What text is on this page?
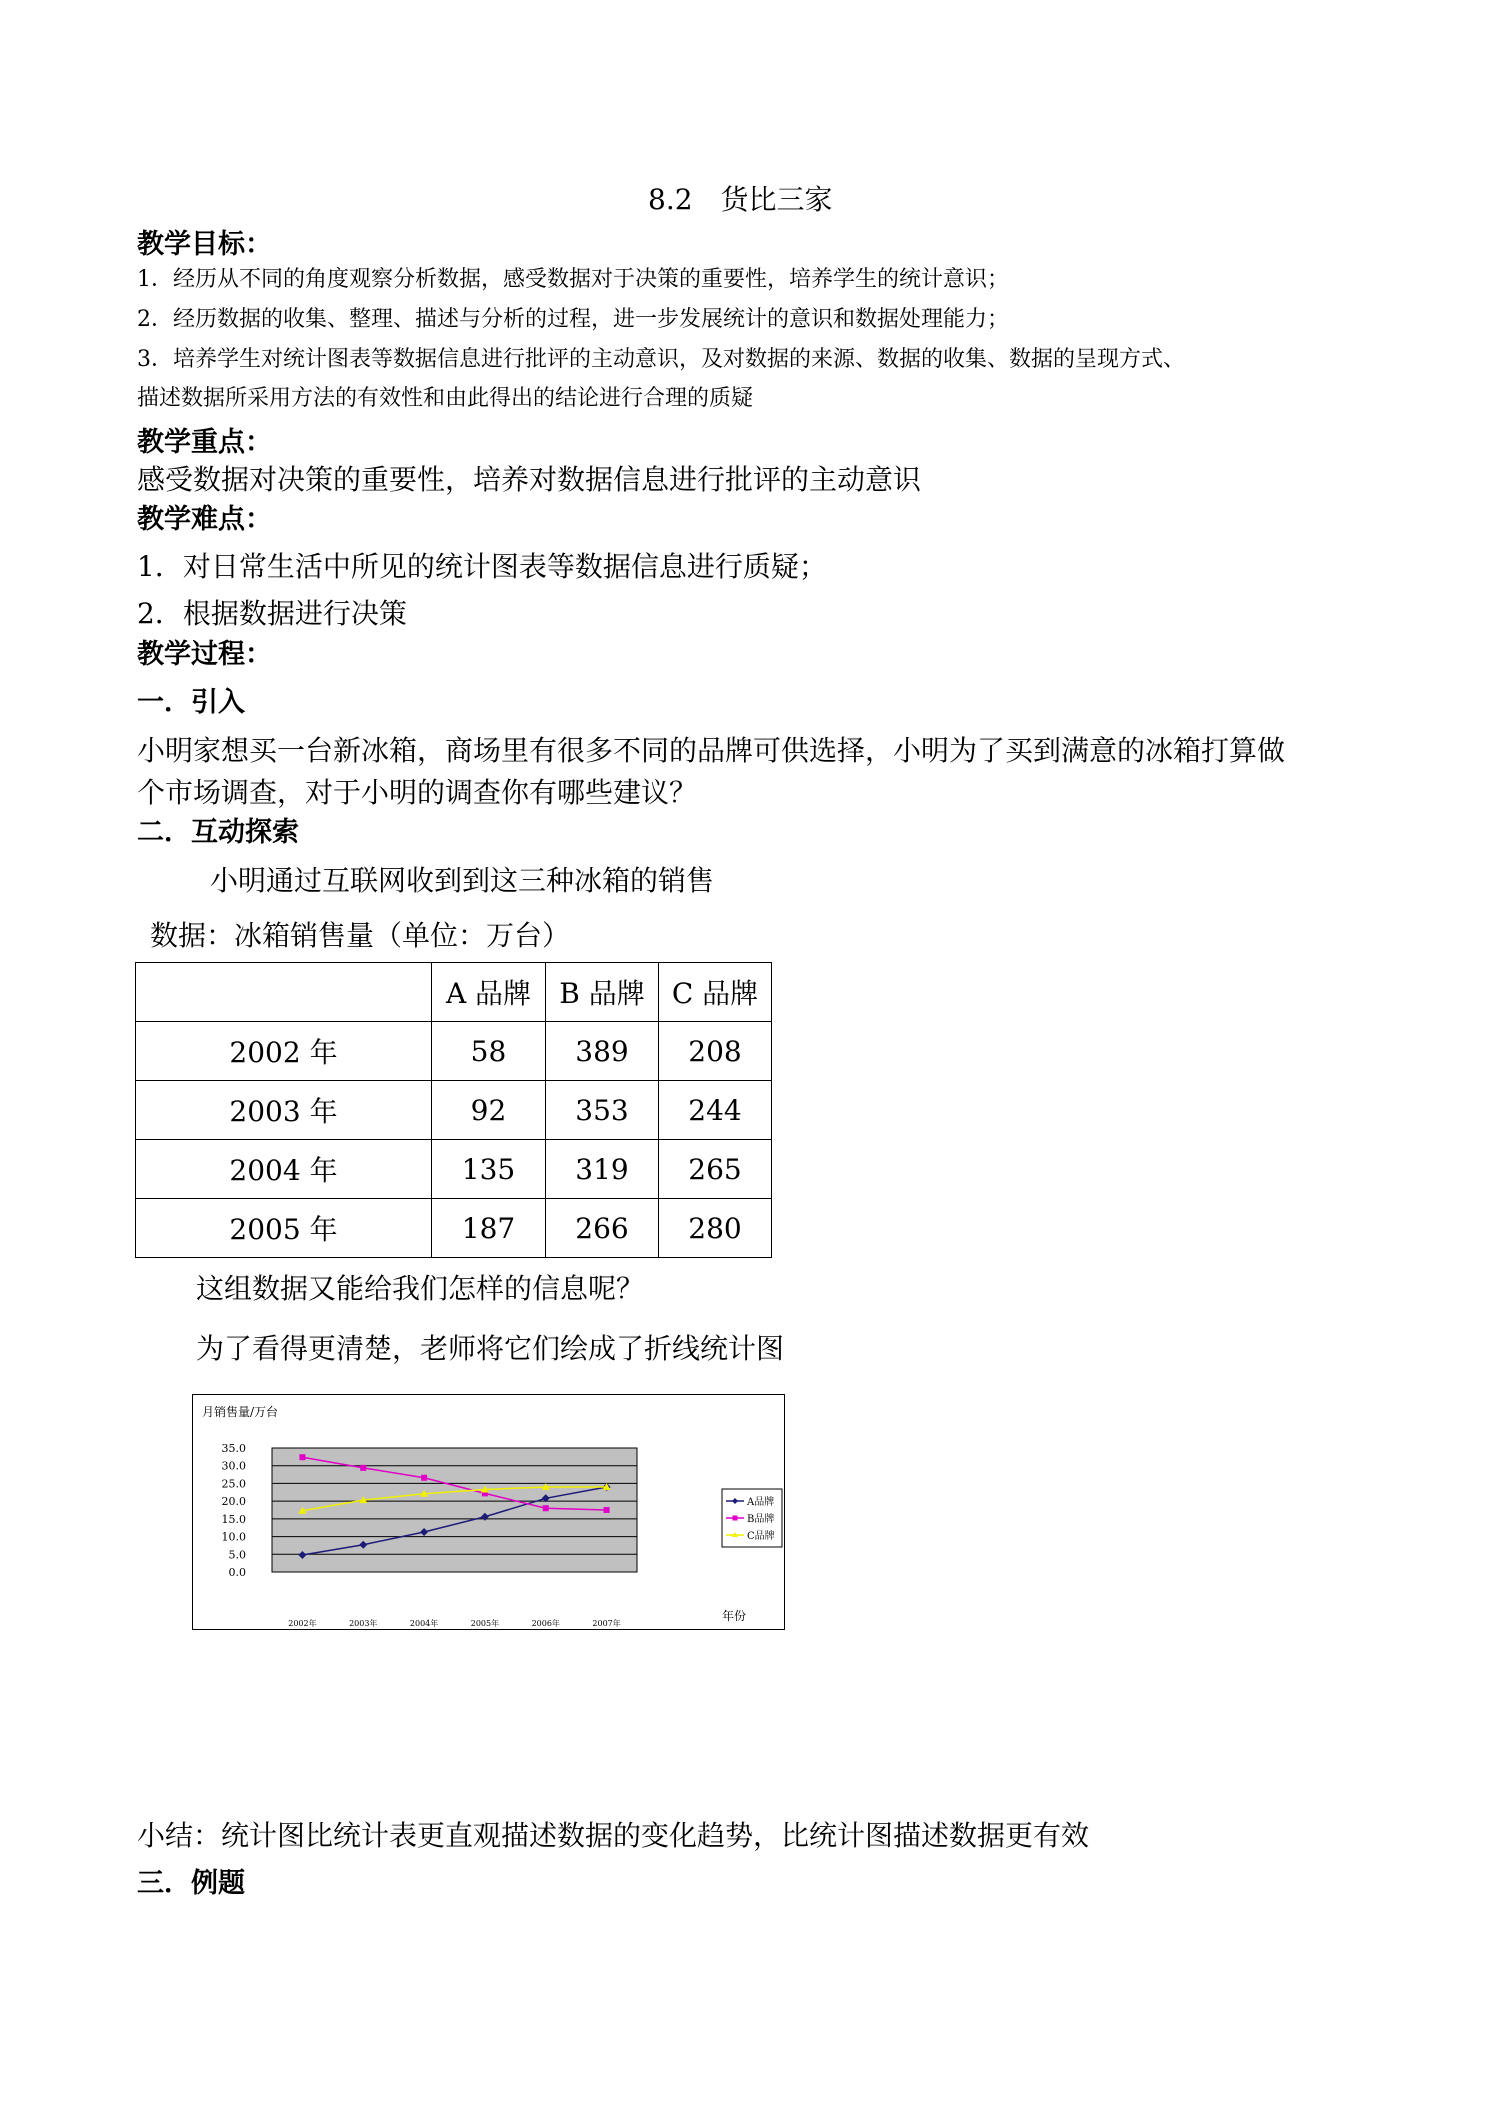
8.2　货比三家
教学目标：
1．经历从不同的角度观察分析数据，感受数据对于决策的重要性，培养学生的统计意识；
2．经历数据的收集、整理、描述与分析的过程，进一步发展统计的意识和数据处理能力；
3．培养学生对统计图表等数据信息进行批评的主动意识，及对数据的来源、数据的收集、数据的呈现方式、
描述数据所采用方法的有效性和由此得出的结论进行合理的质疑
教学重点：
感受数据对决策的重要性，培养对数据信息进行批评的主动意识
教学难点：
1．对日常生活中所见的统计图表等数据信息进行质疑；
2．根据数据进行决策
教学过程：
一．引入
小明家想买一台新冰箱，商场里有很多不同的品牌可供选择，小明为了买到满意的冰箱打算做
个市场调查，对于小明的调查你有哪些建议？
二．互动探索
小明通过互联网收到到这三种冰箱的销售
数据：冰箱销售量（单位：万台）
	A 品牌	B 品牌	C 品牌
2002 年	58	389	208
2003 年	92	353	244
2004 年	135	319	265
2005 年	187	266	280
这组数据又能给我们怎样的信息呢？
为了看得更清楚，老师将它们绘成了折线统计图
0.0
5.0
10.0
15.0
20.0
25.0
30.0
35.0
月销售量/万台
2002年	2003年	2004年	2005年	2006年	2007年
年份
A品牌
B品牌
C品牌
小结：统计图比统计表更直观描述数据的变化趋势，比统计图描述数据更有效
三．例题
